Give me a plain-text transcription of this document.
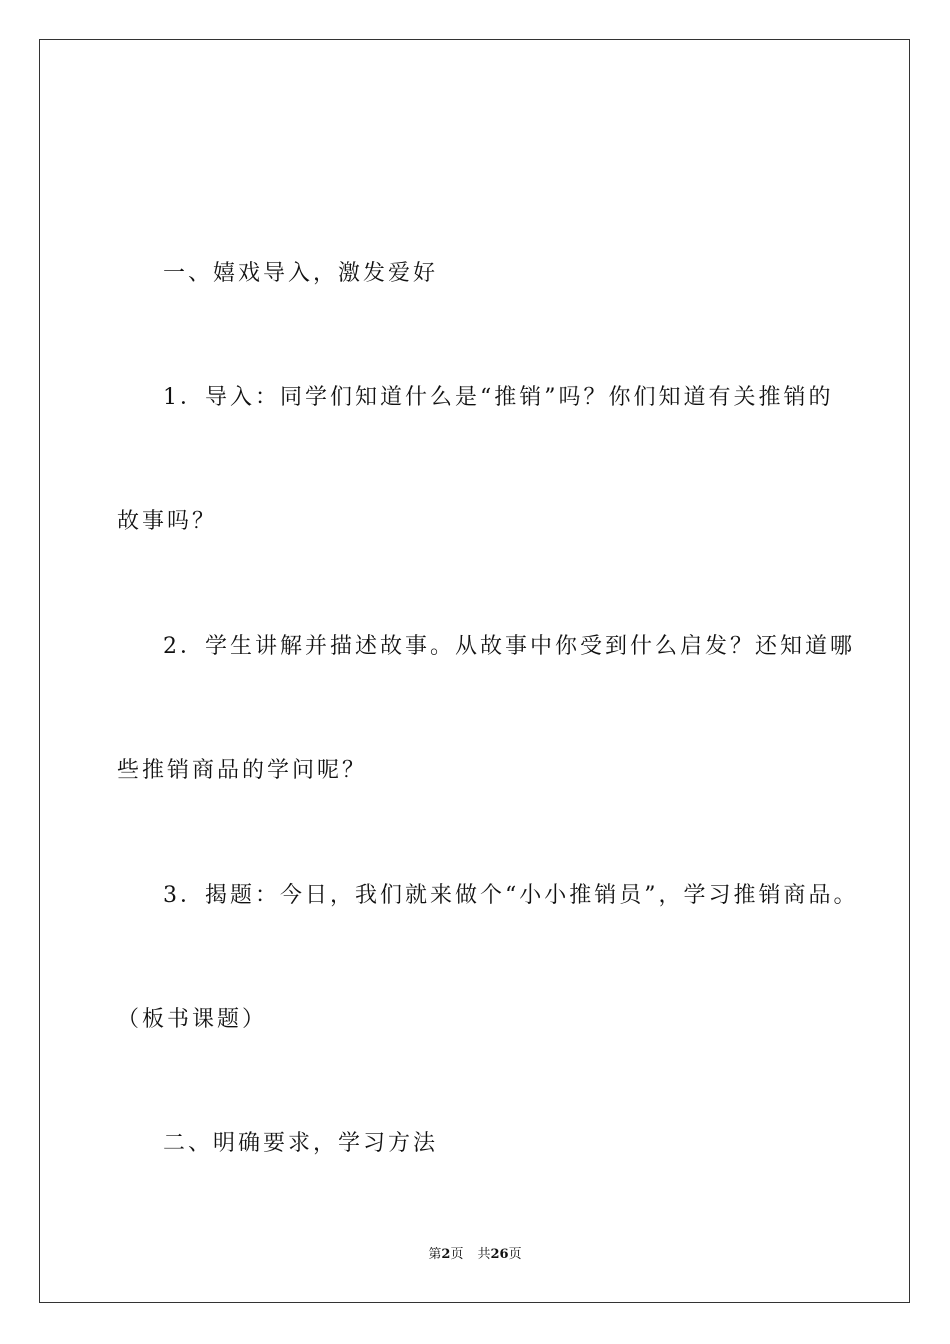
一、嬉戏导入，激发爱好
1．导入：同学们知道什么是“推销”吗？你们知道有关推销的
故事吗？
2．学生讲解并描述故事。从故事中你受到什么启发？还知道哪
些推销商品的学问呢？
3．揭题：今日，我们就来做个“小小推销员”，学习推销商品。
（板书课题）
二、明确要求，学习方法
第2页 共26页
